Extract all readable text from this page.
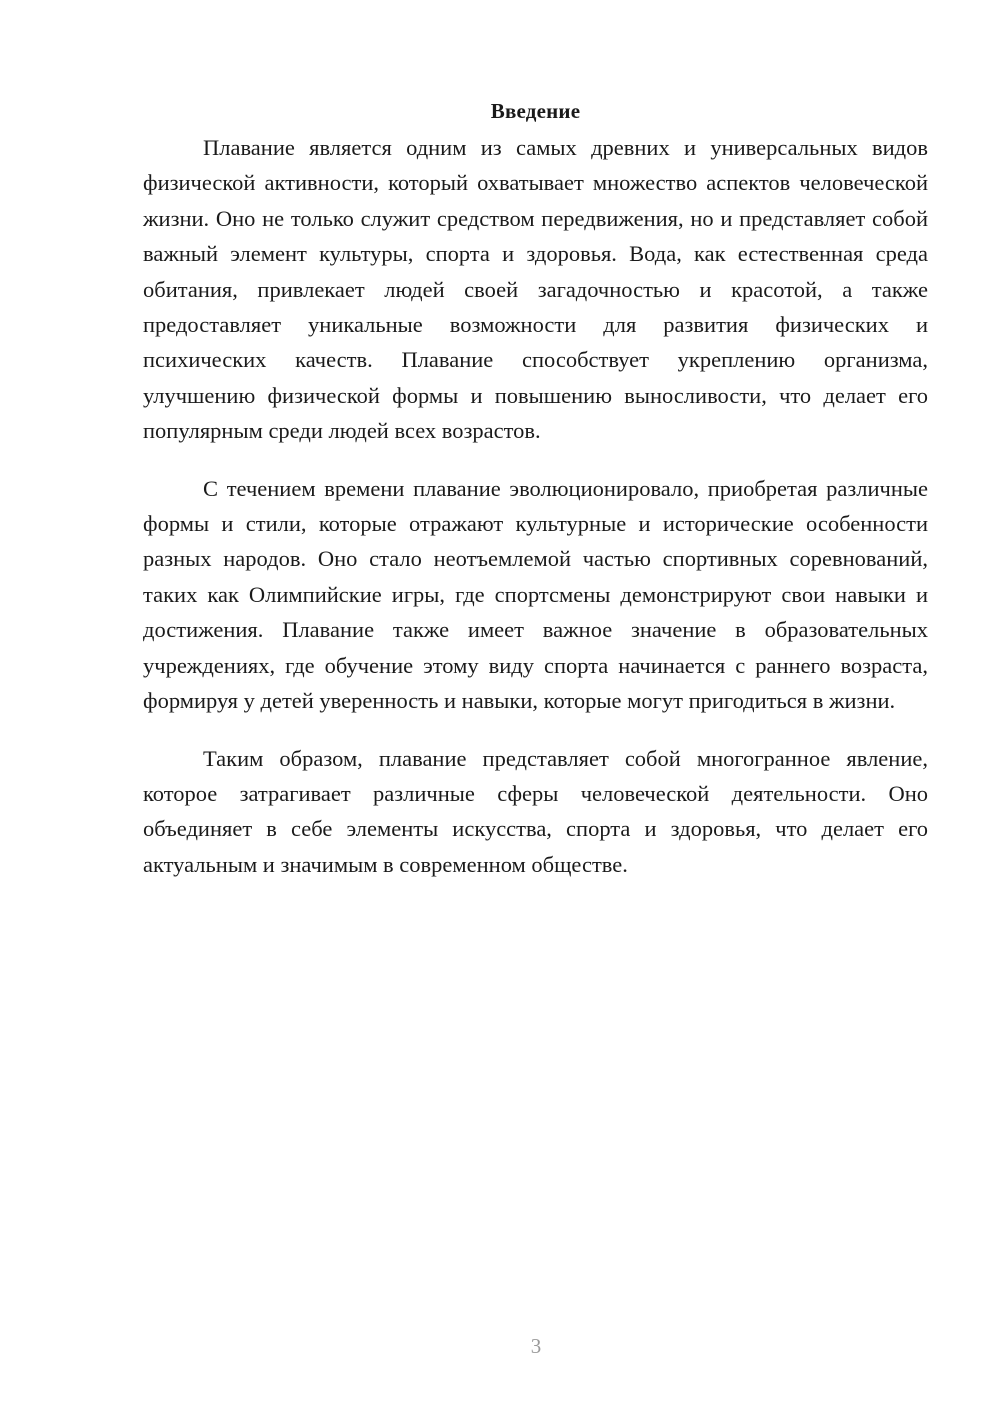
Введение

Плавание является одним из самых древних и универсальных видов физической активности, который охватывает множество аспектов человеческой жизни. Оно не только служит средством передвижения, но и представляет собой важный элемент культуры, спорта и здоровья. Вода, как естественная среда обитания, привлекает людей своей загадочностью и красотой, а также предоставляет уникальные возможности для развития физических и психических качеств. Плавание способствует укреплению организма, улучшению физической формы и повышению выносливости, что делает его популярным среди людей всех возрастов.

С течением времени плавание эволюционировало, приобретая различные формы и стили, которые отражают культурные и исторические особенности разных народов. Оно стало неотъемлемой частью спортивных соревнований, таких как Олимпийские игры, где спортсмены демонстрируют свои навыки и достижения. Плавание также имеет важное значение в образовательных учреждениях, где обучение этому виду спорта начинается с раннего возраста, формируя у детей уверенность и навыки, которые могут пригодиться в жизни.

Таким образом, плавание представляет собой многогранное явление, которое затрагивает различные сферы человеческой деятельности. Оно объединяет в себе элементы искусства, спорта и здоровья, что делает его актуальным и значимым в современном обществе.

3
